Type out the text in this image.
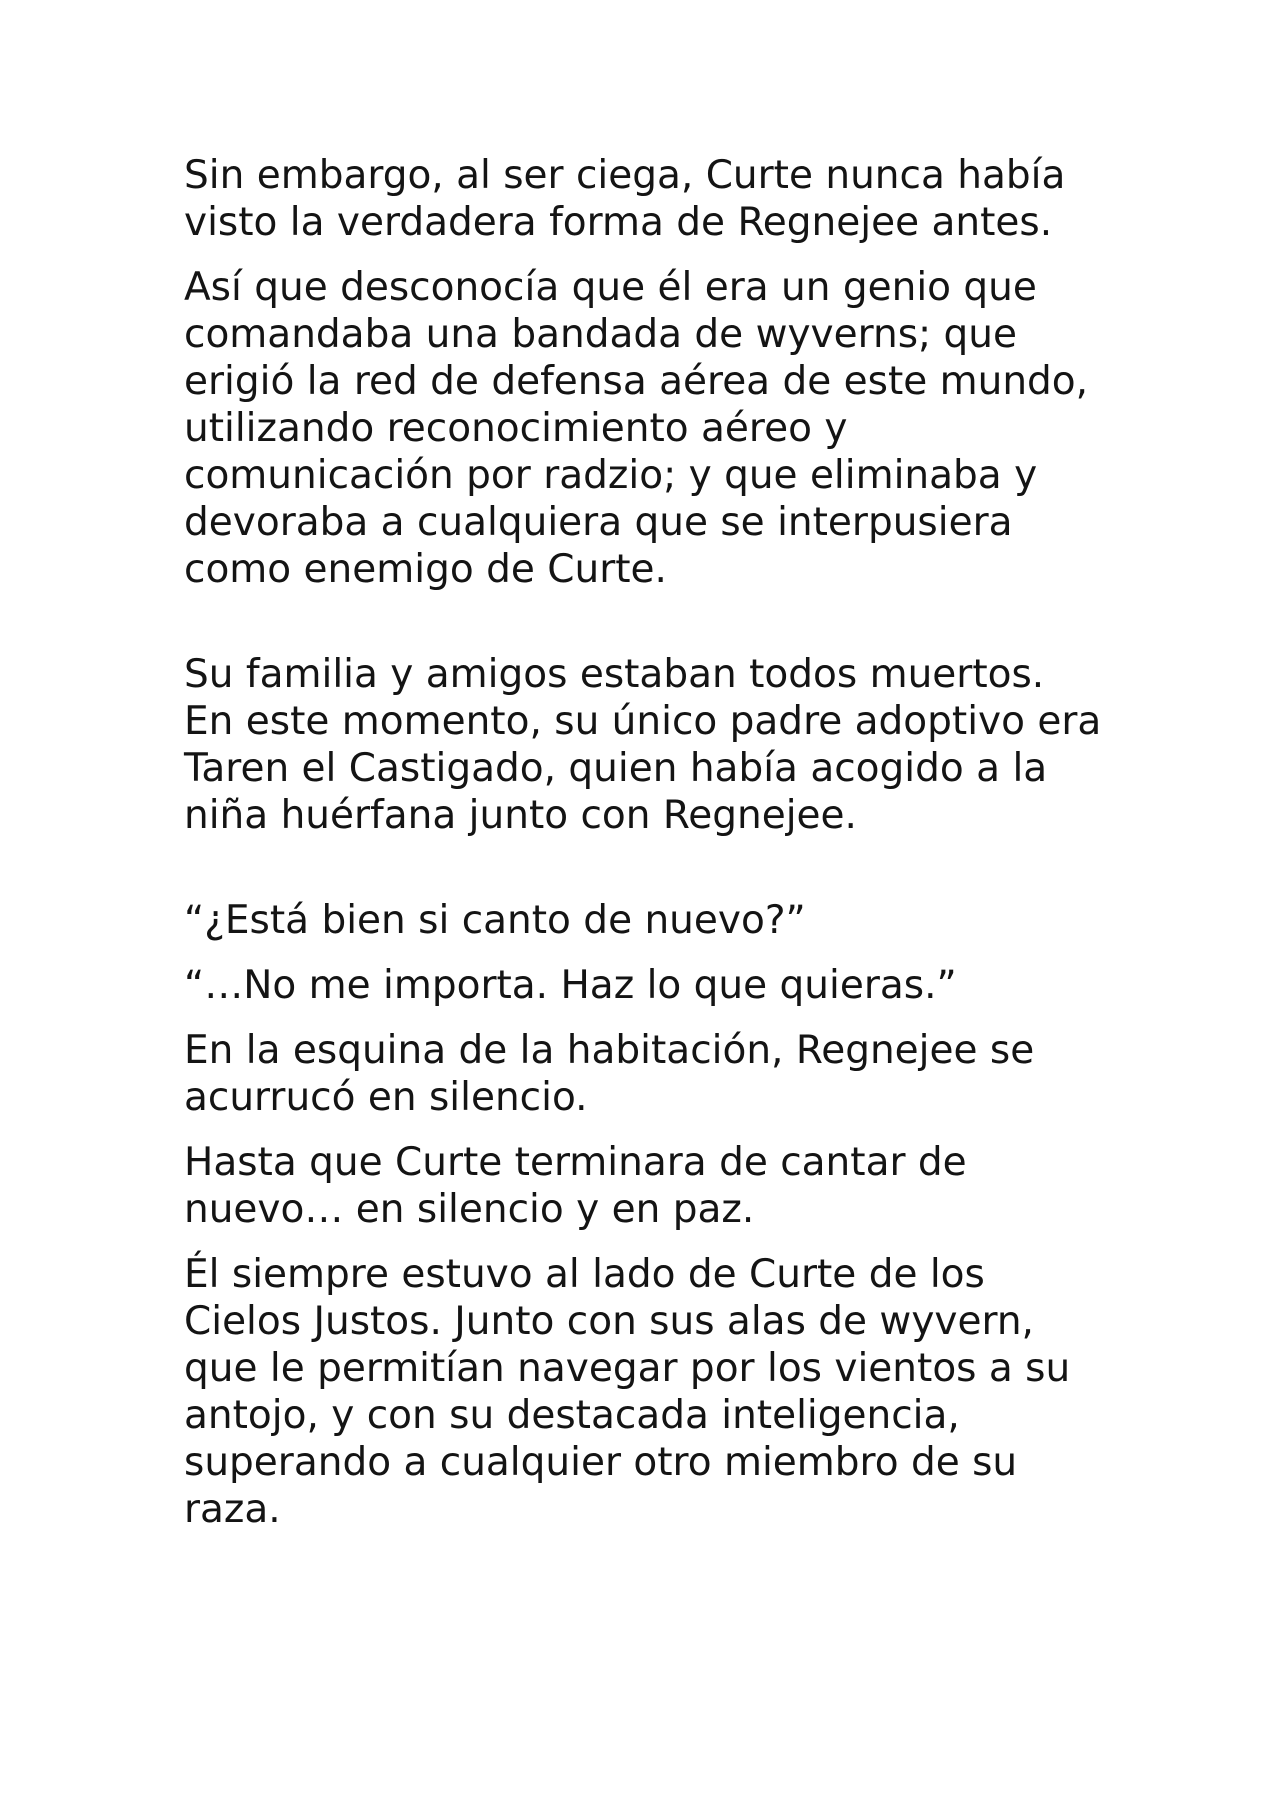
Sin embargo, al ser ciega, Curte nunca había
visto la verdadera forma de Regnejee antes.

Así que desconocía que él era un genio que
comandaba una bandada de wyverns; que
erigió la red de defensa aérea de este mundo,
utilizando reconocimiento aéreo y
comunicación por radzio; y que eliminaba y
devoraba a cualquiera que se interpusiera
como enemigo de Curte.

Su familia y amigos estaban todos muertos.
En este momento, su único padre adoptivo era
Taren el Castigado, quien había acogido a la
niña huérfana junto con Regnejee.

“¿Está bien si canto de nuevo?”

“…No me importa. Haz lo que quieras.”

En la esquina de la habitación, Regnejee se
acurrucó en silencio.

Hasta que Curte terminara de cantar de
nuevo… en silencio y en paz.

Él siempre estuvo al lado de Curte de los
Cielos Justos. Junto con sus alas de wyvern,
que le permitían navegar por los vientos a su
antojo, y con su destacada inteligencia,
superando a cualquier otro miembro de su
raza.
